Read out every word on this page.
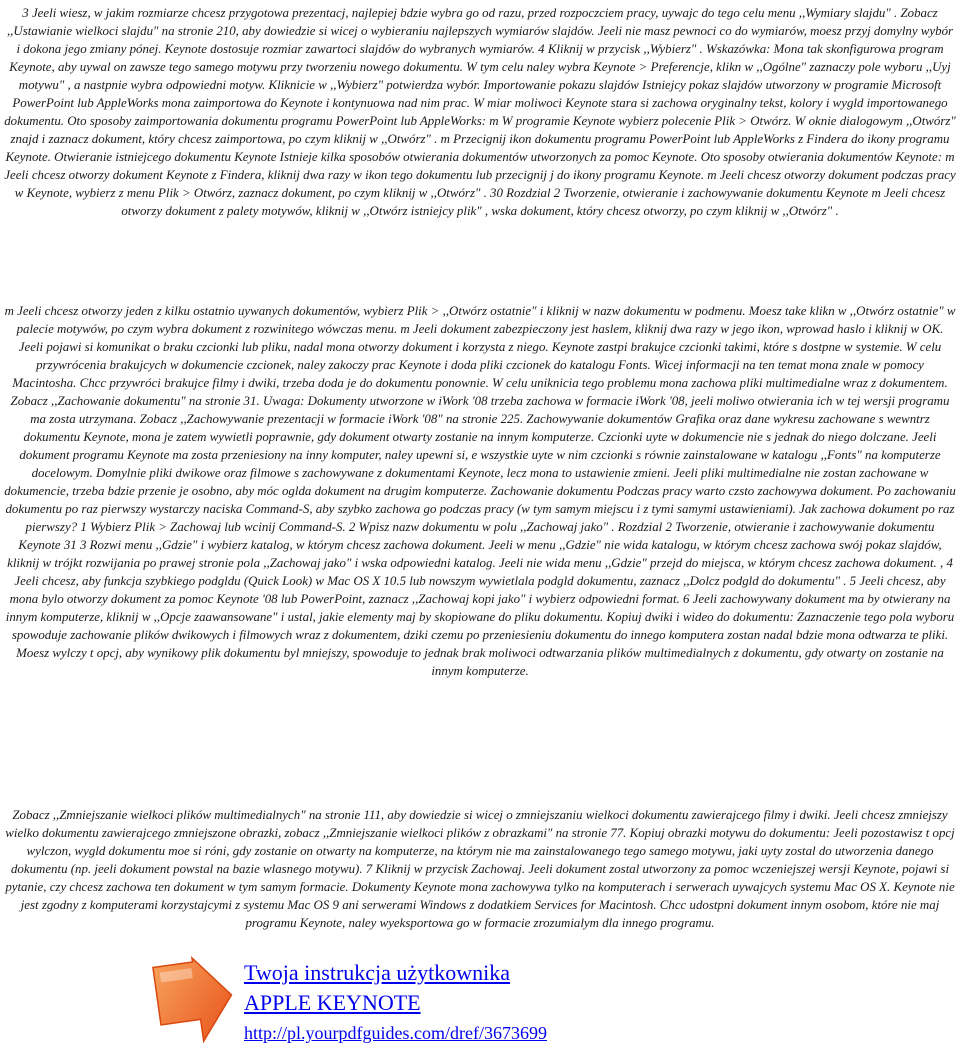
3 Jeeli wiesz, w jakim rozmiarze chcesz przygotowa prezentacj, najlepiej bdzie wybra go od razu, przed rozpoczciem pracy, uywajc do tego celu menu ,,Wymiary slajdu" . Zobacz ,,Ustawianie wielkoci slajdu" na stronie 210, aby dowiedzie si wicej o wybieraniu najlepszych wymiarów slajdów. Jeeli nie masz pewnoci co do wymiarów, moesz przyj domylny wybór i dokona jego zmiany pónej. Keynote dostosuje rozmiar zawartoci slajdów do wybranych wymiarów. 4 Kliknij w przycisk ,,Wybierz" . Wskazówka: Mona tak skonfigurowa program Keynote, aby uywal on zawsze tego samego motywu przy tworzeniu nowego dokumentu. W tym celu naley wybra Keynote > Preferencje, klikn w ,,Ogólne" zaznaczy pole wyboru ,,Uyj motywu" , a nastpnie wybra odpowiedni motyw. Kliknicie w ,,Wybierz" potwierdza wybór. Importowanie pokazu slajdów Istniejcy pokaz slajdów utworzony w programie Microsoft PowerPoint lub AppleWorks mona zaimportowa do Keynote i kontynuowa nad nim prac. W miar moliwoci Keynote stara si zachowa oryginalny tekst, kolory i wygld importowanego dokumentu. Oto sposoby zaimportowania dokumentu programu PowerPoint lub AppleWorks: m W programie Keynote wybierz polecenie Plik > Otwórz. W oknie dialogowym ,,Otwórz" znajd i zaznacz dokument, który chcesz zaimportowa, po czym kliknij w ,,Otwórz" . m Przecignij ikon dokumentu programu PowerPoint lub AppleWorks z Findera do ikony programu Keynote. Otwieranie istniejcego dokumentu Keynote Istnieje kilka sposobów otwierania dokumentów utworzonych za pomoc Keynote. Oto sposoby otwierania dokumentów Keynote: m Jeeli chcesz otworzy dokument Keynote z Findera, kliknij dwa razy w ikon tego dokumentu lub przecignij j do ikony programu Keynote. m Jeeli chcesz otworzy dokument podczas pracy w Keynote, wybierz z menu Plik > Otwórz, zaznacz dokument, po czym kliknij w ,,Otwórz" . 30 Rozdzial 2 Tworzenie, otwieranie i zachowywanie dokumentu Keynote m Jeeli chcesz otworzy dokument z palety motywów, kliknij w ,,Otwórz istniejcy plik" , wska dokument, który chcesz otworzy, po czym kliknij w ,,Otwórz" .
m Jeeli chcesz otworzy jeden z kilku ostatnio uywanych dokumentów, wybierz Plik > ,,Otwórz ostatnie" i kliknij w nazw dokumentu w podmenu. Moesz take klikn w ,,Otwórz ostatnie" w palecie motywów, po czym wybra dokument z rozwinitego wówczas menu. m Jeeli dokument zabezpieczony jest haslem, kliknij dwa razy w jego ikon, wprowad haslo i kliknij w OK. Jeeli pojawi si komunikat o braku czcionki lub pliku, nadal mona otworzy dokument i korzysta z niego. Keynote zastpi brakujce czcionki takimi, które s dostpne w systemie. W celu przywrócenia brakujcych w dokumencie czcionek, naley zakoczy prac Keynote i doda pliki czcionek do katalogu Fonts. Wicej informacji na ten temat mona znale w pomocy Macintosha. Chcc przywróci brakujce filmy i dwiki, trzeba doda je do dokumentu ponownie. W celu uniknicia tego problemu mona zachowa pliki multimedialne wraz z dokumentem. Zobacz ,,Zachowanie dokumentu" na stronie 31. Uwaga: Dokumenty utworzone w iWork '08 trzeba zachowa w formacie iWork '08, jeeli moliwo otwierania ich w tej wersji programu ma zosta utrzymana. Zobacz ,,Zachowywanie prezentacji w formacie iWork '08" na stronie 225. Zachowywanie dokumentów Grafika oraz dane wykresu zachowane s wewntrz dokumentu Keynote, mona je zatem wywietli poprawnie, gdy dokument otwarty zostanie na innym komputerze. Czcionki uyte w dokumencie nie s jednak do niego dolczane. Jeeli dokument programu Keynote ma zosta przeniesiony na inny komputer, naley upewni si, e wszystkie uyte w nim czcionki s równie zainstalowane w katalogu ,,Fonts" na komputerze docelowym. Domylnie pliki dwikowe oraz filmowe s zachowywane z dokumentami Keynote, lecz mona to ustawienie zmieni. Jeeli pliki multimedialne nie zostan zachowane w dokumencie, trzeba bdzie przenie je osobno, aby móc oglda dokument na drugim komputerze. Zachowanie dokumentu Podczas pracy warto czsto zachowywa dokument. Po zachowaniu dokumentu po raz pierwszy wystarczy naciska Command-S, aby szybko zachowa go podczas pracy (w tym samym miejscu i z tymi samymi ustawieniami). Jak zachowa dokument po raz pierwszy? 1 Wybierz Plik > Zachowaj lub wcinij Command-S. 2 Wpisz nazw dokumentu w polu ,,Zachowaj jako" . Rozdzial 2 Tworzenie, otwieranie i zachowywanie dokumentu Keynote 31 3 Rozwi menu ,,Gdzie" i wybierz katalog, w którym chcesz zachowa dokument. Jeeli w menu ,,Gdzie" nie wida katalogu, w którym chcesz zachowa swój pokaz slajdów, kliknij w trójkt rozwijania po prawej stronie pola ,,Zachowaj jako" i wska odpowiedni katalog. Jeeli nie wida menu ,,Gdzie" przejd do miejsca, w którym chcesz zachowa dokument. , 4 Jeeli chcesz, aby funkcja szybkiego podgldu (Quick Look) w Mac OS X 10.5 lub nowszym wywietlala podgld dokumentu, zaznacz ,,Dolcz podgld do dokumentu" . 5 Jeeli chcesz, aby mona bylo otworzy dokument za pomoc Keynote '08 lub PowerPoint, zaznacz ,,Zachowaj kopi jako" i wybierz odpowiedni format. 6 Jeeli zachowywany dokument ma by otwierany na innym komputerze, kliknij w ,,Opcje zaawansowane" i ustal, jakie elementy maj by skopiowane do pliku dokumentu. Kopiuj dwiki i wideo do dokumentu: Zaznaczenie tego pola wyboru spowoduje zachowanie plików dwikowych i filmowych wraz z dokumentem, dziki czemu po przeniesieniu dokumentu do innego komputera zostan nadal bdzie mona odtwarza te pliki. Moesz wylczy t opcj, aby wynikowy plik dokumentu byl mniejszy, spowoduje to jednak brak moliwoci odtwarzania plików multimedialnych z dokumentu, gdy otwarty on zostanie na innym komputerze.
Zobacz ,,Zmniejszanie wielkoci plików multimedialnych" na stronie 111, aby dowiedzie si wicej o zmniejszaniu wielkoci dokumentu zawierajcego filmy i dwiki. Jeeli chcesz zmniejszy wielko dokumentu zawierajcego zmniejszone obrazki, zobacz ,,Zmniejszanie wielkoci plików z obrazkami" na stronie 77. Kopiuj obrazki motywu do dokumentu: Jeeli pozostawisz t opcj wylczon, wygld dokumentu moe si róni, gdy zostanie on otwarty na komputerze, na którym nie ma zainstalowanego tego samego motywu, jaki uyty zostal do utworzenia danego dokumentu (np. jeeli dokument powstal na bazie wlasnego motywu). 7 Kliknij w przycisk Zachowaj. Jeeli dokument zostal utworzony za pomoc wczeniejszej wersji Keynote, pojawi si pytanie, czy chcesz zachowa ten dokument w tym samym formacie. Dokumenty Keynote mona zachowywa tylko na komputerach i serwerach uywajcych systemu Mac OS X. Keynote nie jest zgodny z komputerami korzystajcymi z systemu Mac OS 9 ani serwerami Windows z dodatkiem Services for Macintosh. Chcc udostpni dokument innym osobom, które nie maj programu Keynote, naley wyeksportowa go w formacie zrozumialym dla innego programu.
Twoja instrukcja użytkownika
APPLE KEYNOTE
http://pl.yourpdfguides.com/dref/3673699
